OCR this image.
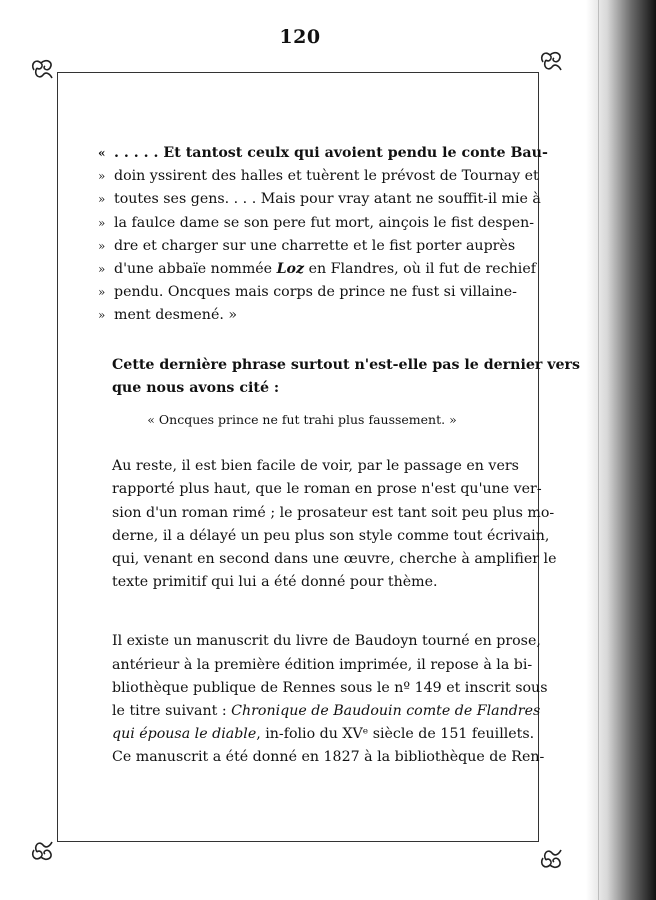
120
« . . . . . Et tantost ceulx qui avoient pendu le conte Bau-
» doin yssirent des halles et tuèrent le prévost de Tournay et
» toutes ses gens. . . . Mais pour vray atant ne souffit-il mie à
» la faulce dame se son pere fut mort, ainçois le fist despen-
» dre et charger sur une charrette et le fist porter auprès
» d'une abbaïe nommée Loz en Flandres, où il fut de rechief
» pendu. Oncques mais corps de prince ne fust si villaine-
» ment desmené. »
Cette dernière phrase surtout n'est-elle pas le dernier vers
que nous avons cité :
« Oncques prince ne fut trahi plus faussement. »
Au reste, il est bien facile de voir, par le passage en vers
rapporté plus haut, que le roman en prose n'est qu'une ver-
sion d'un roman rimé ; le prosateur est tant soit peu plus mo-
derne, il a délayé un peu plus son style comme tout écrivain,
qui, venant en second dans une œuvre, cherche à amplifier le
texte primitif qui lui a été donné pour thème.
Il existe un manuscrit du livre de Baudoyn tourné en prose,
antérieur à la première édition imprimée, il repose à la bi-
bliothèque publique de Rennes sous le nº 149 et inscrit sous
le titre suivant : Chronique de Baudouin comte de Flandres
qui épousa le diable, in-folio du XVᵉ siècle de 151 feuillets.
Ce manuscrit a été donné en 1827 à la bibliothèque de Ren-
